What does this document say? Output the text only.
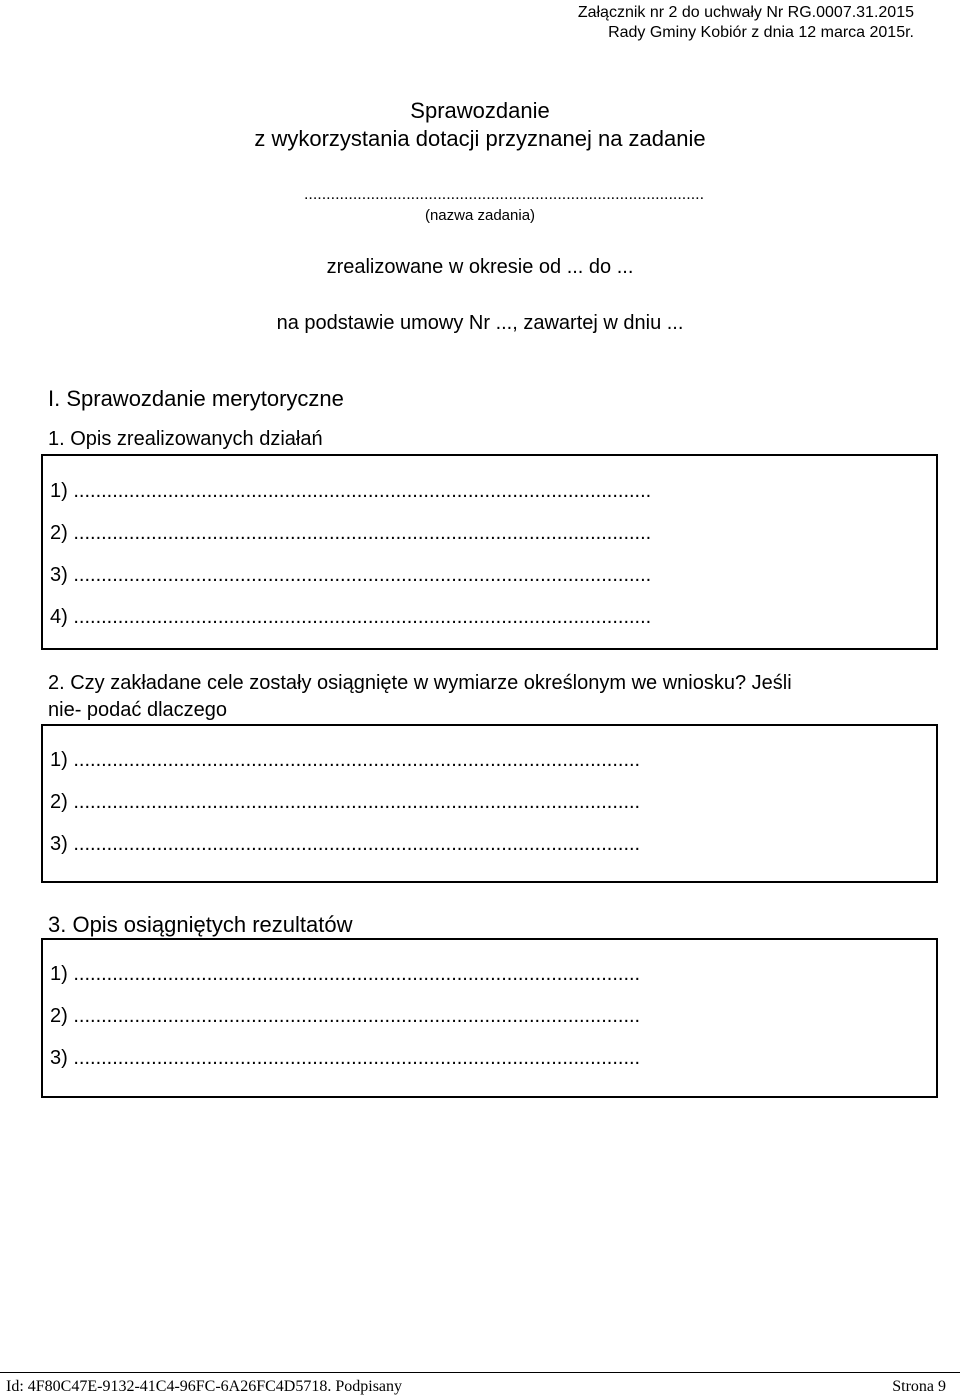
Załącznik nr 2 do uchwały Nr RG.0007.31.2015
Rady Gminy Kobiór z dnia 12 marca 2015r.
Sprawozdanie
z wykorzystania dotacji przyznanej na zadanie
..........................................................................................
(nazwa zadania)
zrealizowane w okresie od ... do ...
na podstawie umowy Nr ..., zawartej w dniu ...
I. Sprawozdanie merytoryczne
1. Opis zrealizowanych działań
1) ........................................................................................................
2) ........................................................................................................
3) ........................................................................................................
4) ........................................................................................................
2. Czy zakładane cele zostały osiągnięte w wymiarze określonym we wniosku? Jeśli
nie- podać dlaczego
1) ......................................................................................................
2) ......................................................................................................
3) ......................................................................................................
3. Opis osiągniętych rezultatów
1) ......................................................................................................
2) ......................................................................................................
3) ......................................................................................................
Id: 4F80C47E-9132-41C4-96FC-6A26FC4D5718. Podpisany	Strona 9
